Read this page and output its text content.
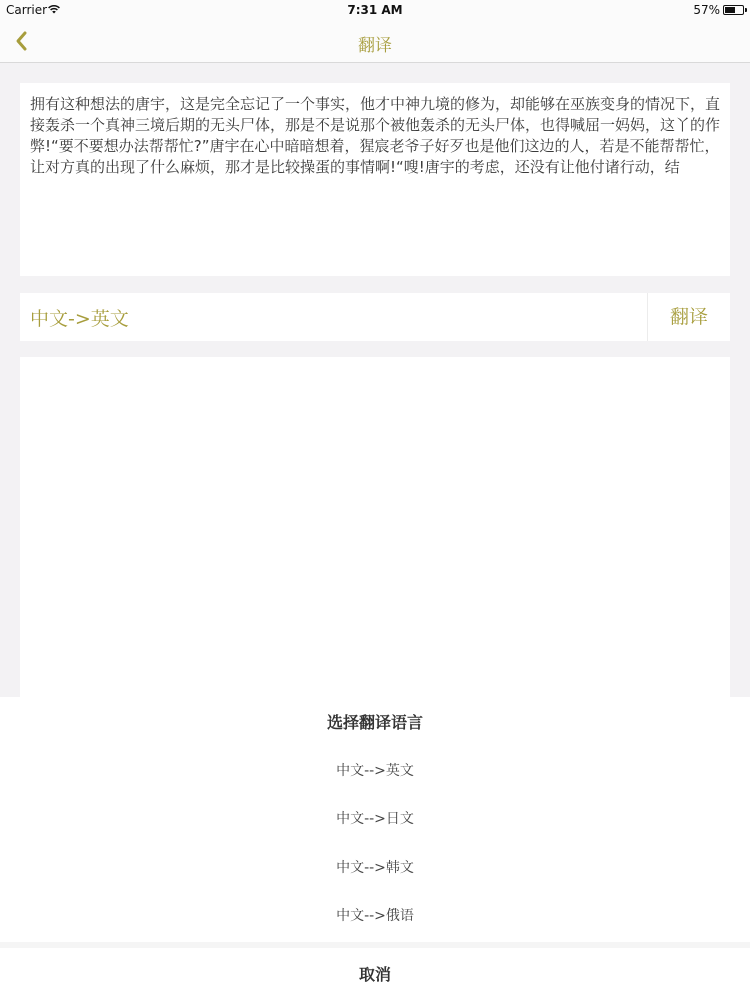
Carrier	7:31 AM	57%
翻译
拥有这种想法的唐宇，这是完全忘记了一个事实，他才中神九境的修为，却能够在巫族变身的情况下，直接轰杀一个真神三境后期的无头尸体，那是不是说那个被他轰杀的无头尸体，也得喊屈一妈妈，这丫的作弊!“要不要想办法帮帮忙?”唐宇在心中暗暗想着，猩宸老爷子好歹也是他们这边的人，若是不能帮帮忙，让对方真的出现了什么麻烦，那才是比较操蛋的事情啊!“嗖!唐宇的考虑，还没有让他付诸行动，结
中文->英文	翻译
选择翻译语言
中文-->英文
中文-->日文
中文-->韩文
中文-->俄语
取消
